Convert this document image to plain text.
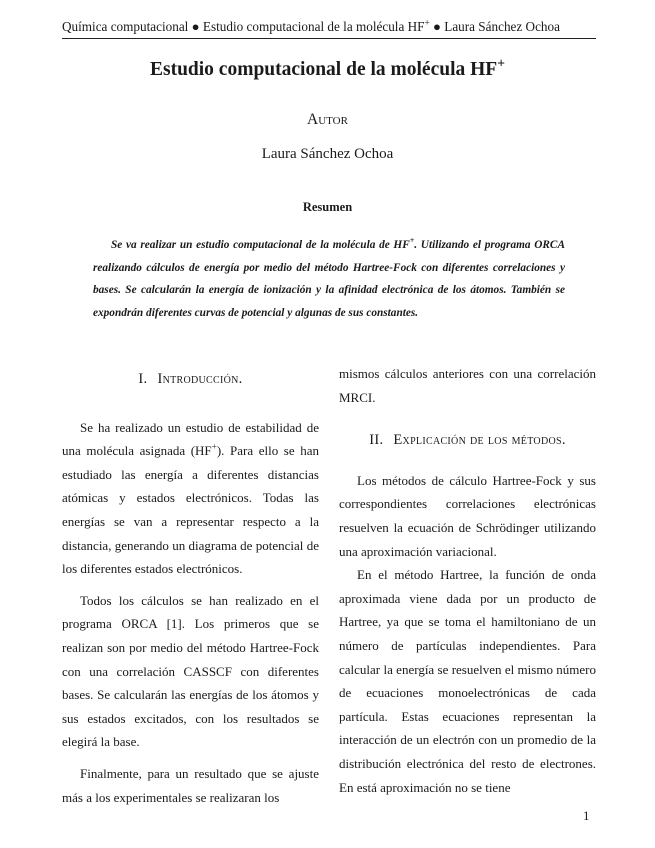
Química computacional ● Estudio computacional de la molécula HF+ ● Laura Sánchez Ochoa
Estudio computacional de la molécula HF+
Autor
Laura Sánchez Ochoa
Resumen

Se va realizar un estudio computacional de la molécula de HF+. Utilizando el programa ORCA realizando cálculos de energía por medio del método Hartree-Fock con diferentes correlaciones y bases. Se calcularán la energía de ionización y la afinidad electrónica de los átomos. También se expondrán diferentes curvas de potencial y algunas de sus constantes.

I. Introducción.

Se ha realizado un estudio de estabilidad de una molécula asignada (HF+). Para ello se han estudiado las energía a diferentes distancias atómicas y estados electrónicos. Todas las energías se van a representar respecto a la distancia, generando un diagrama de potencial de los diferentes estados electrónicos.

Todos los cálculos se han realizado en el programa ORCA [1]. Los primeros que se realizan son por medio del método Hartree-Fock con una correlación CASSCF con diferentes bases. Se calcularán las energías de los átomos y sus estados excitados, con los resultados se elegirá la base.

Finalmente, para un resultado que se ajuste más a los experimentales se realizaran los

mismos cálculos anteriores con una correlación MRCI.

II. Explicación de los métodos.

Los métodos de cálculo Hartree-Fock y sus correspondientes correlaciones electrónicas resuelven la ecuación de Schrödinger utilizando una aproximación variacional.

En el método Hartree, la función de onda aproximada viene dada por un producto de Hartree, ya que se toma el hamiltoniano de un número de partículas independientes. Para calcular la energía se resuelven el mismo número de ecuaciones monoelectrónicas de cada partícula. Estas ecuaciones representan la interacción de un electrón con un promedio de la distribución electrónica del resto de electrones. En está aproximación no se tiene

1
